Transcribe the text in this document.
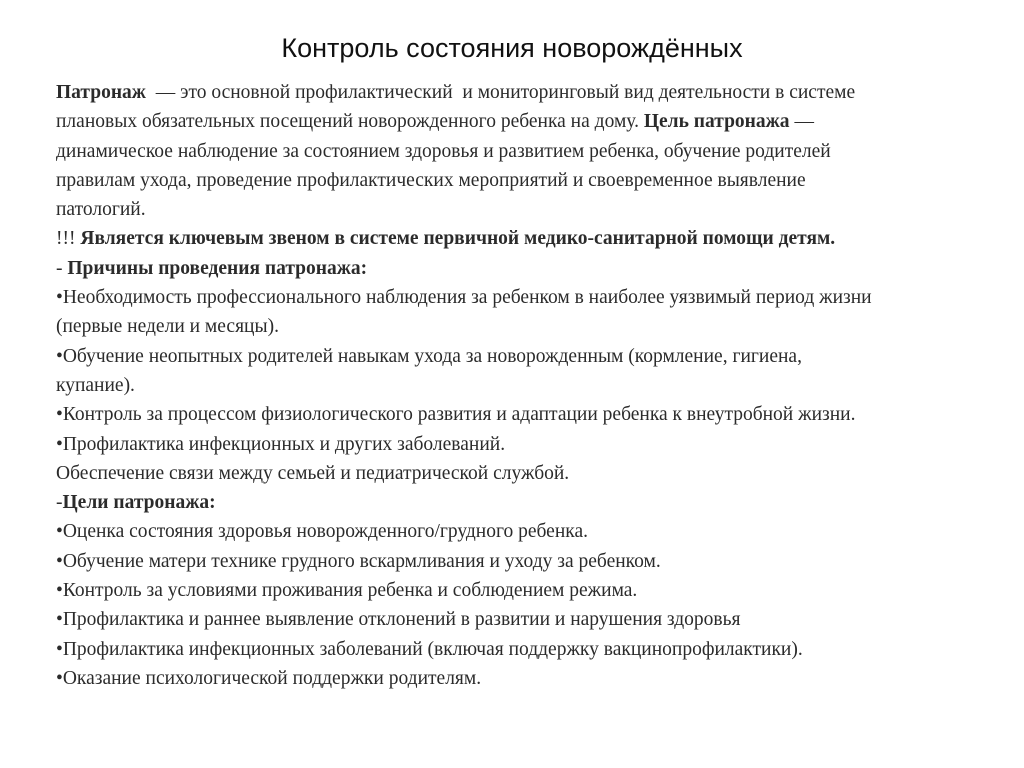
Контроль состояния новорождённых
Патронаж  — это основной профилактический  и мониторинговый вид деятельности в системе
плановых обязательных посещений новорожденного ребенка на дому. Цель патронажа —
динамическое наблюдение за состоянием здоровья и развитием ребенка, обучение родителей
правилам ухода, проведение профилактических мероприятий и своевременное выявление
патологий.
!!! Является ключевым звеном в системе первичной медико-санитарной помощи детям.
- Причины проведения патронажа:
•Необходимость профессионального наблюдения за ребенком в наиболее уязвимый период жизни
(первые недели и месяцы).
•Обучение неопытных родителей навыкам ухода за новорожденным (кормление, гигиена,
купание).
•Контроль за процессом физиологического развития и адаптации ребенка к внеутробной жизни.
•Профилактика инфекционных и других заболеваний.
Обеспечение связи между семьей и педиатрической службой.
-Цели патронажа:
•Оценка состояния здоровья новорожденного/грудного ребенка.
•Обучение матери технике грудного вскармливания и уходу за ребенком.
•Контроль за условиями проживания ребенка и соблюдением режима.
•Профилактика и раннее выявление отклонений в развитии и нарушения здоровья
•Профилактика инфекционных заболеваний (включая поддержку вакцинопрофилактики).
•Оказание психологической поддержки родителям.
